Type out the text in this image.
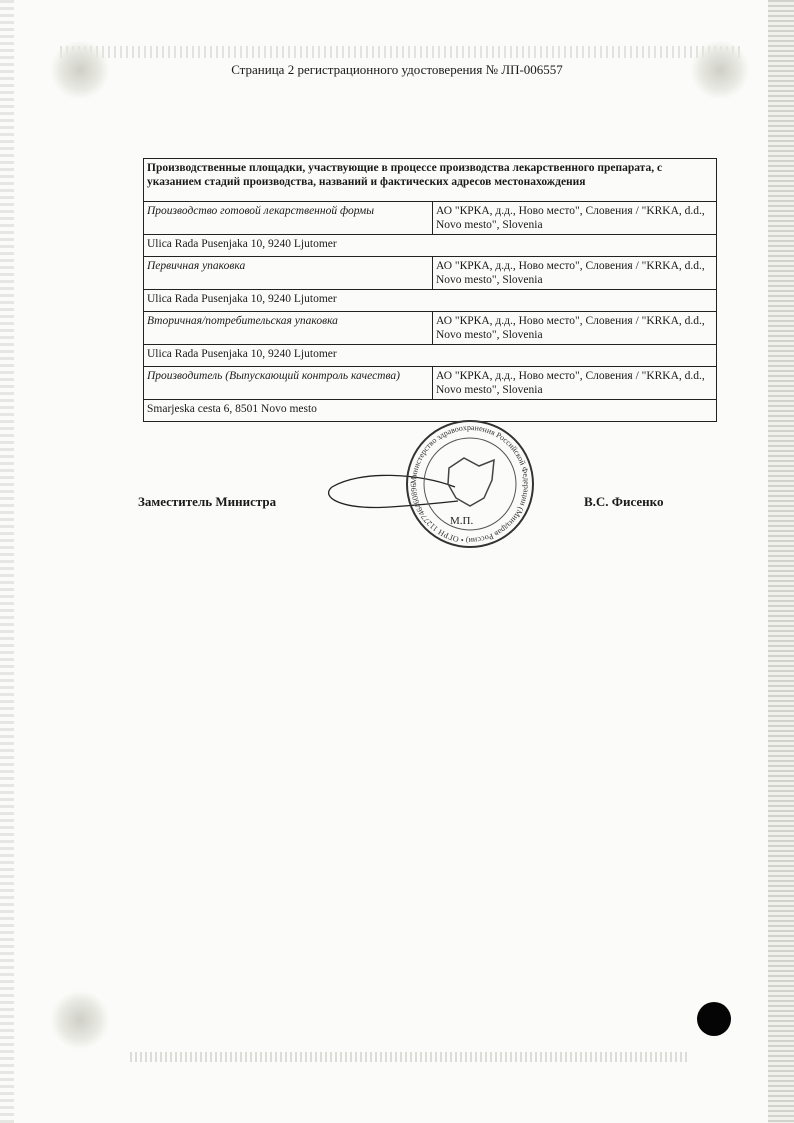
Страница 2 регистрационного удостоверения № ЛП-006557
Производственные площадки, участвующие в процессе производства лекарственного препарата, с указанием стадий производства, названий и фактических адресов местонахождения	
Производство готовой лекарственной формы	АО "КРКА, д.д., Ново место", Словения / "KRKA, d.d., Novo mesto", Slovenia
Ulica Rada Pusenjaka 10, 9240 Ljutomer	
Первичная упаковка	АО "КРКА, д.д., Ново место", Словения / "KRKA, d.d., Novo mesto", Slovenia
Ulica Rada Pusenjaka 10, 9240 Ljutomer	
Вторичная/потребительская упаковка	АО "КРКА, д.д., Ново место", Словения / "KRKA, d.d., Novo mesto", Slovenia
Ulica Rada Pusenjaka 10, 9240 Ljutomer	
Производитель (Выпускающий контроль качества)	АО "КРКА, д.д., Ново место", Словения / "KRKA, d.d., Novo mesto", Slovenia
Smarjeska cesta 6, 8501 Novo mesto	
Заместитель Министра	В.С. Фисенко
Министерство здравоохранения Российской Федерации (Минздрав России) • ОГРН 1127746460896
М.П.
